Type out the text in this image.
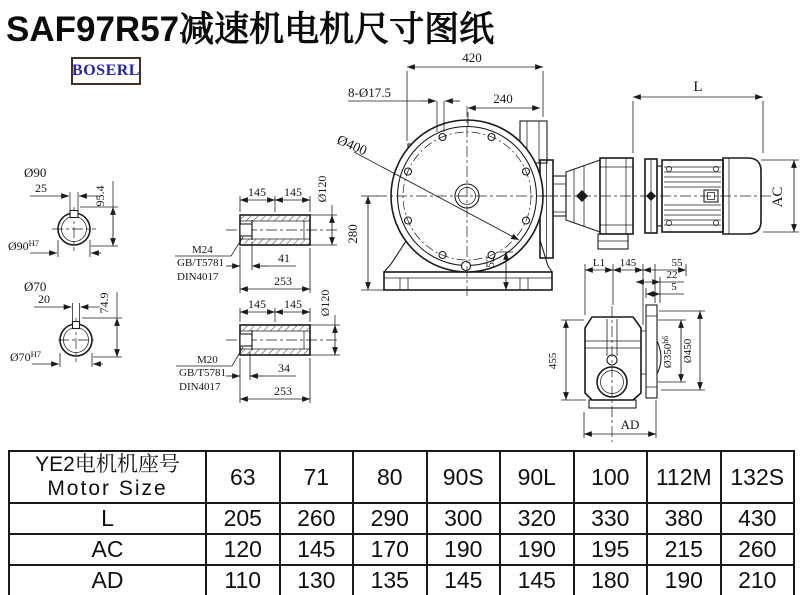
SAF97R57减速机电机尺寸图纸
BOSERL
Ø90
25	95.4
$Ø90^{H7}$
Ø70
20	74.9
$Ø70^{H7}$
145 145 Ø120
M24
GB/T5781
DIN4017
41
253
145 145 Ø120
M20
GB/T5781
DIN4017
34
253
420
8-Ø17.5	240
Ø400
280
52
L
AC
L1 145	55
22
5
455	$Ø350^{h6}$	Ø450
AD
YE2电机机座号
Motor Size	63	71	80	90S	90L	100	112M	132S
L	205	260	290	300	320	330	380	430
AC	120	145	170	190	190	195	215	260
AD	110	130	135	145	145	180	190	210
